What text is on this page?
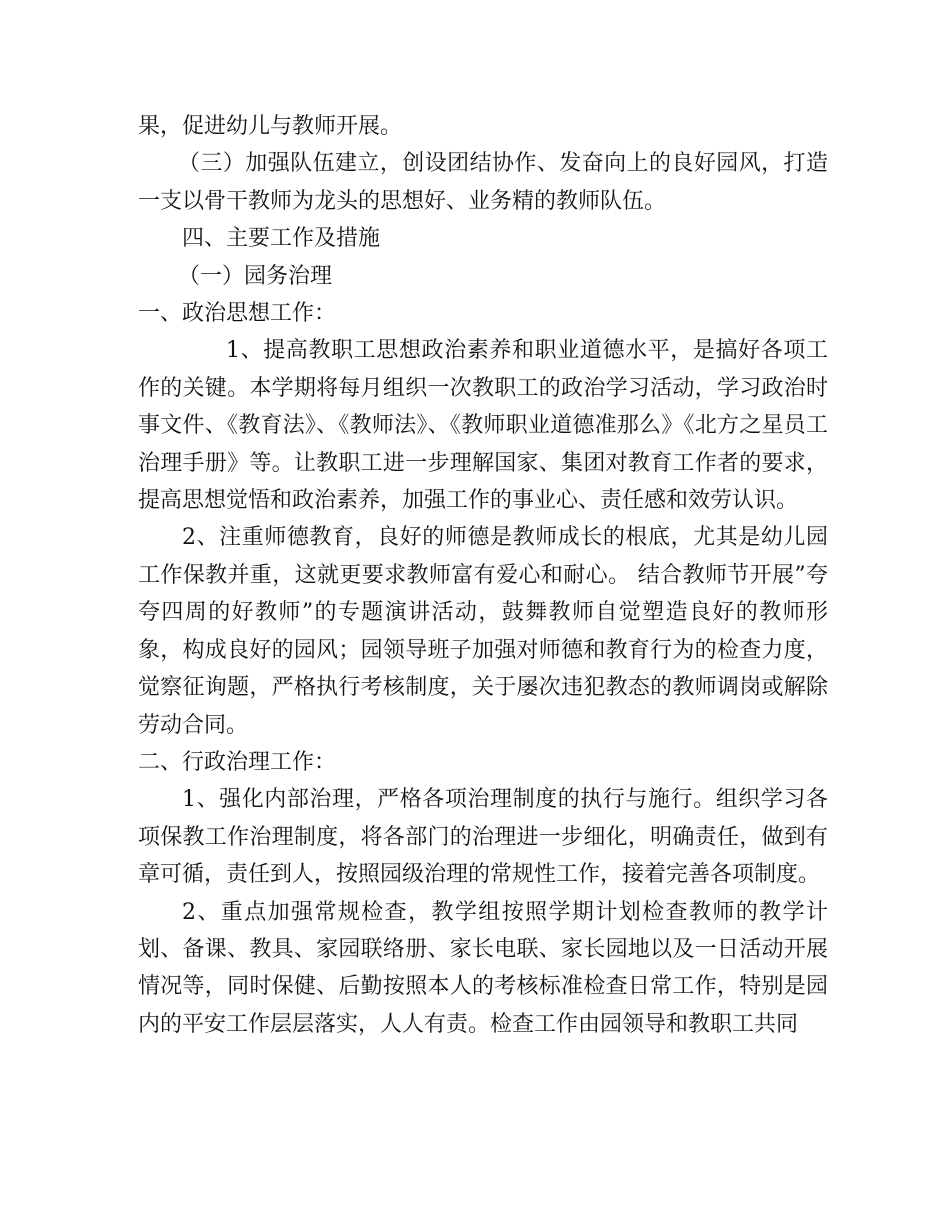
果，促进幼儿与教师开展。

（三）加强队伍建立，创设团结协作、发奋向上的良好园风，打造一支以骨干教师为龙头的思想好、业务精的教师队伍。

四、主要工作及措施

（一）园务治理

一、政治思想工作：

1、提高教职工思想政治素养和职业道德水平，是搞好各项工作的关键。本学期将每月组织一次教职工的政治学习活动，学习政治时事文件、《教育法》、《教师法》、《教师职业道德准那么》《北方之星员工治理手册》等。让教职工进一步理解国家、集团对教育工作者的要求，提高思想觉悟和政治素养，加强工作的事业心、责任感和效劳认识。

2、注重师德教育，良好的师德是教师成长的根底，尤其是幼儿园工作保教并重，这就更要求教师富有爱心和耐心。 结合教师节开展”夸夸四周的好教师”的专题演讲活动，鼓舞教师自觉塑造良好的教师形象，构成良好的园风；园领导班子加强对师德和教育行为的检查力度，觉察征询题，严格执行考核制度，关于屡次违犯教态的教师调岗或解除劳动合同。

二、行政治理工作：

1、强化内部治理，严格各项治理制度的执行与施行。组织学习各项保教工作治理制度，将各部门的治理进一步细化，明确责任，做到有章可循，责任到人，按照园级治理的常规性工作，接着完善各项制度。

2、重点加强常规检查，教学组按照学期计划检查教师的教学计划、备课、教具、家园联络册、家长电联、家长园地以及一日活动开展情况等，同时保健、后勤按照本人的考核标准检查日常工作，特别是园内的平安工作层层落实，人人有责。检查工作由园领导和教职工共同
